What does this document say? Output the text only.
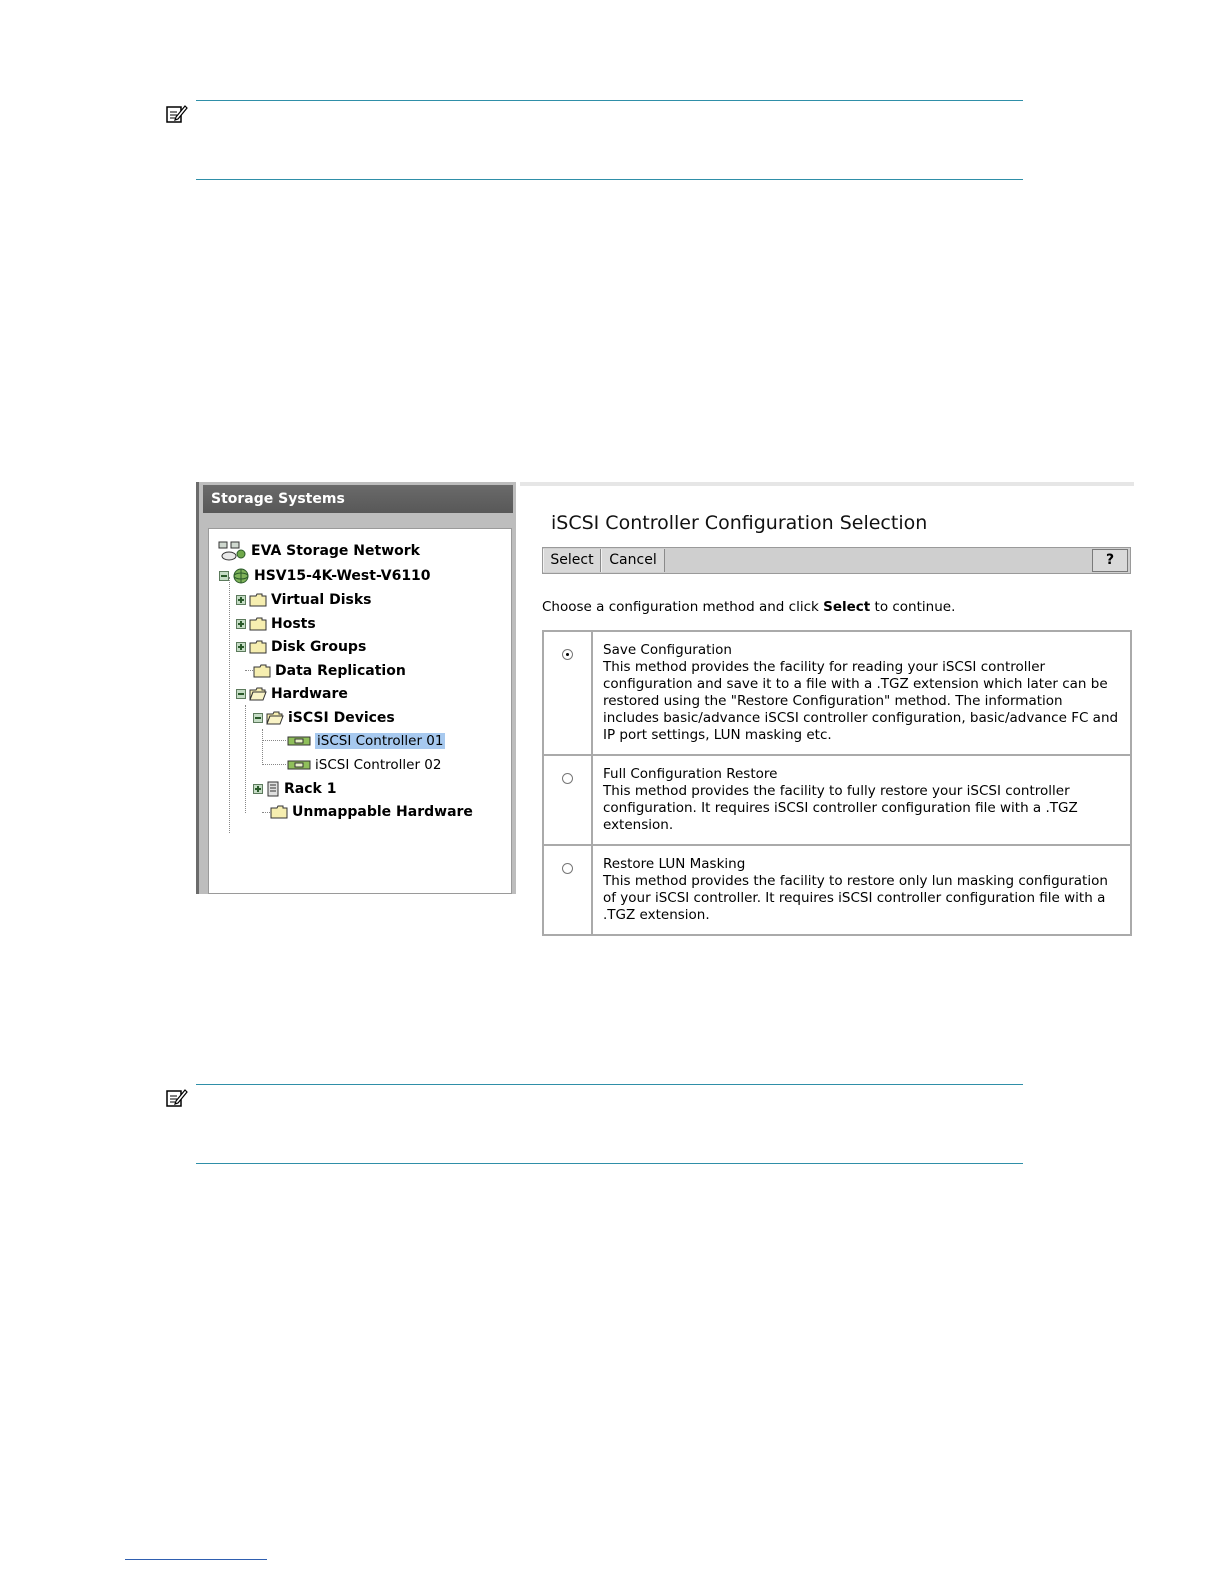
Storage Systems
EVA Storage Network
HSV15-4K-West-V6110
Virtual Disks
Hosts
Disk Groups
Data Replication
Hardware
iSCSI Devices
iSCSI Controller 01
iSCSI Controller 02
Rack 1
Unmappable Hardware
iSCSI Controller Configuration Selection
Select	Cancel	?
Choose a configuration method and click Select to continue.

	Save Configuration
This method provides the facility for reading your iSCSI controller configuration and save it to a file with a .TGZ extension which later can be restored using the "Restore Configuration" method. The information includes basic/advance iSCSI controller configuration, basic/advance FC and IP port settings, LUN masking etc.

	Full Configuration Restore
This method provides the facility to fully restore your iSCSI controller configuration. It requires iSCSI controller configuration file with a .TGZ extension.

	Restore LUN Masking
This method provides the facility to restore only lun masking configuration of your iSCSI controller. It requires iSCSI controller configuration file with a .TGZ extension.
